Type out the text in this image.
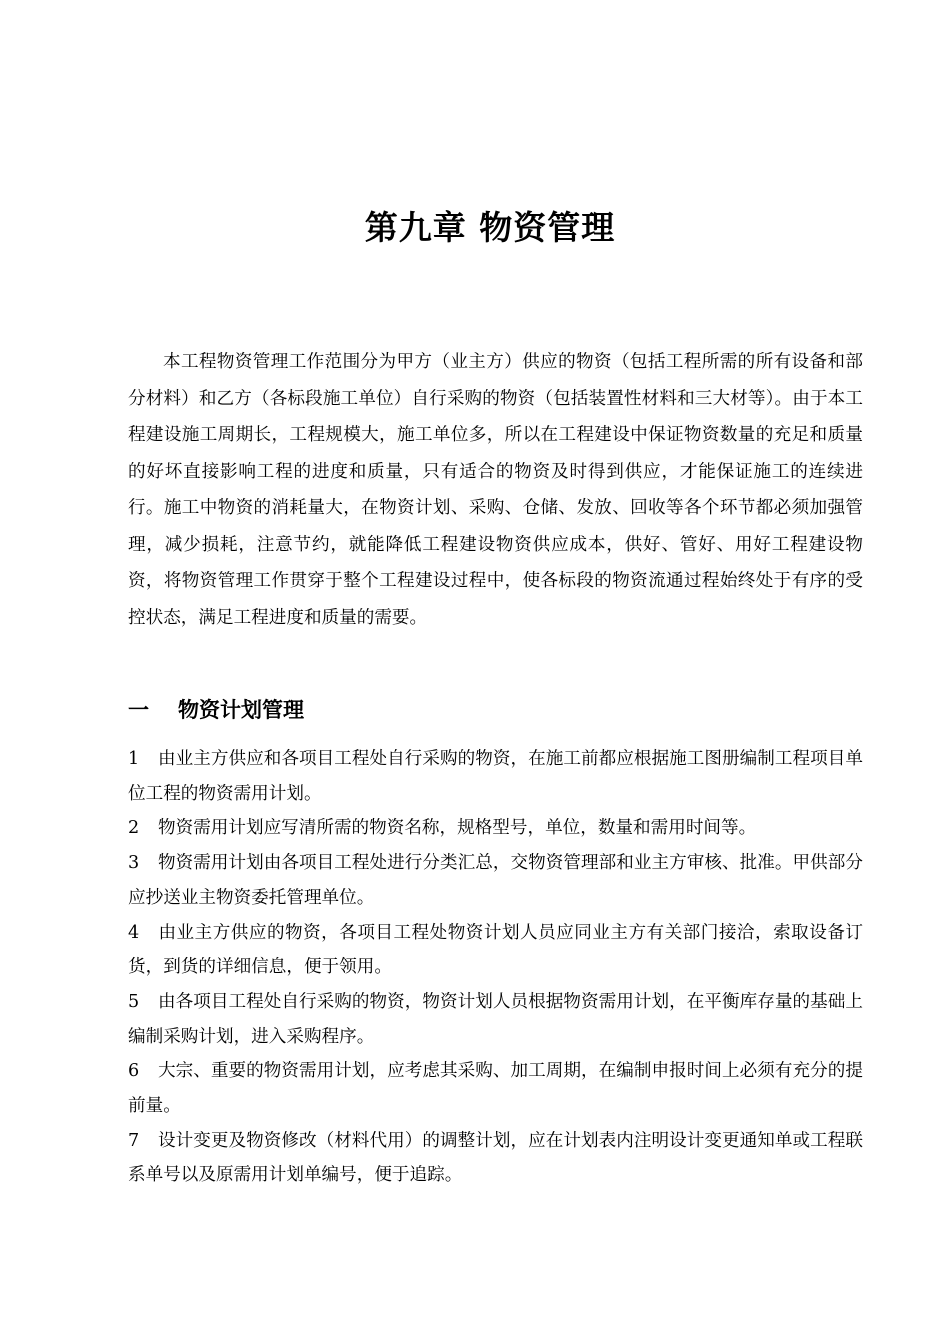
第九章 物资管理

本工程物资管理工作范围分为甲方（业主方）供应的物资（包括工程所需的所有设备和部分材料）和乙方（各标段施工单位）自行采购的物资（包括装置性材料和三大材等）。由于本工程建设施工周期长，工程规模大，施工单位多，所以在工程建设中保证物资数量的充足和质量的好坏直接影响工程的进度和质量，只有适合的物资及时得到供应，才能保证施工的连续进行。施工中物资的消耗量大，在物资计划、采购、仓储、发放、回收等各个环节都必须加强管理，减少损耗，注意节约，就能降低工程建设物资供应成本，供好、管好、用好工程建设物资，将物资管理工作贯穿于整个工程建设过程中，使各标段的物资流通过程始终处于有序的受控状态，满足工程进度和质量的需要。

一 物资计划管理
1 由业主方供应和各项目工程处自行采购的物资，在施工前都应根据施工图册编制工程项目单位工程的物资需用计划。
2 物资需用计划应写清所需的物资名称，规格型号，单位，数量和需用时间等。
3 物资需用计划由各项目工程处进行分类汇总，交物资管理部和业主方审核、批准。甲供部分应抄送业主物资委托管理单位。
4 由业主方供应的物资，各项目工程处物资计划人员应同业主方有关部门接洽，索取设备订货，到货的详细信息，便于领用。
5 由各项目工程处自行采购的物资，物资计划人员根据物资需用计划，在平衡库存量的基础上编制采购计划，进入采购程序。
6 大宗、重要的物资需用计划，应考虑其采购、加工周期，在编制申报时间上必须有充分的提前量。
7 设计变更及物资修改（材料代用）的调整计划，应在计划表内注明设计变更通知单或工程联系单号以及原需用计划单编号，便于追踪。
